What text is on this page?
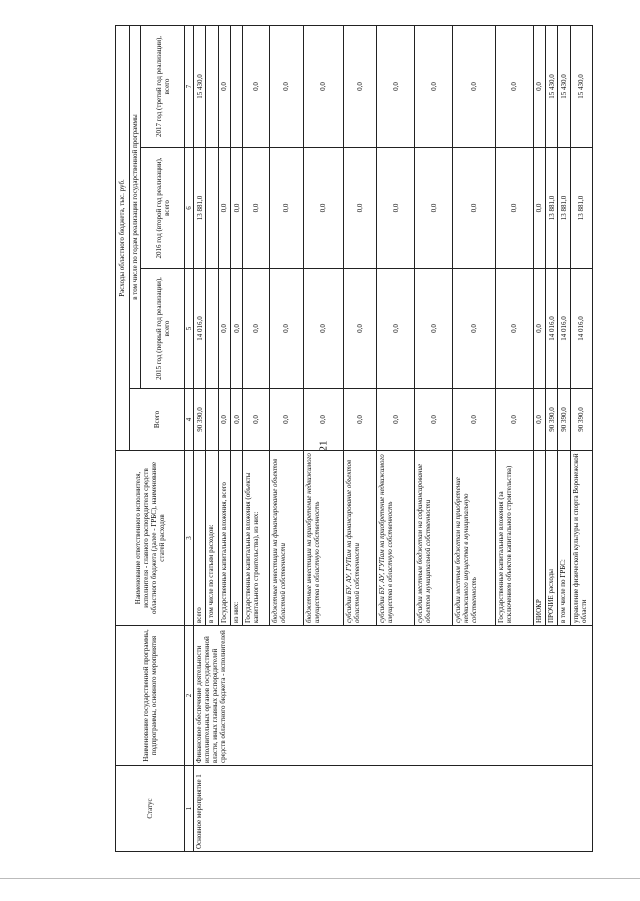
21
Статус	Наименование государственной программы, подпрограммы, основного мероприятия	Наименование ответственного исполнителя, исполнителя - главного распорядителя средств областного бюджета (далее - ГРБС), наименование статей расходов	Расходы областного бюджета, тыс. руб.			
			Всего	в том числе по годам реализации государственной программы		
				2015 год (первый год реализации), всего	2016 год (второй год реализации), всего	2017 год (третий год реализации), всего
1	2	3	4	5	6	7
Основное мероприятие 1	Финансовое обеспечение деятельности исполнительных органов государственной власти, иных главных распорядителей средств областного бюджета - исполнителей	всего	90 390,0	14 016,0	13 881,0	15 430,0
		в том числе по статьям расходов:				
		Государственные капитальные вложения, всего	0,0	0,0	0,0	0,0
		из них:	0,0	0,0	0,0	
		Государственные капитальные вложения (объекты капитального строительства), из них:	0,0	0,0	0,0	0,0
		бюджетные инвестиции на финансирование объектов областной собственности	0,0	0,0	0,0	0,0
		бюджетные инвестиции на приобретение недвижимого имущества в областную собственность	0,0	0,0	0,0	0,0
		субсидии БУ, АУ, ГУПам на финансирование объектов областной собственности	0,0	0,0	0,0	0,0
		субсидии БУ, АУ, ГУПам на приобретение недвижимого имущества в областную собственность	0,0	0,0	0,0	0,0
		субсидии местным бюджетам на софинансирование объектов муниципальной собственности	0,0	0,0	0,0	0,0
		субсидии местным бюджетам на приобретение недвижимого имущества в муниципальную собственность	0,0	0,0	0,0	0,0
		Государственные капитальные вложения (за исключением объектов капитального строительства)	0,0	0,0	0,0	0,0
		НИОКР	0,0	0,0	0,0	0,0
		ПРОЧИЕ расходы	90 390,0	14 016,0	13 881,0	15 430,0
		в том числе по ГРБС:	90 390,0	14 016,0	13 881,0	15 430,0
		управление физической культуры и спорта Воронежской области	90 390,0	14 016,0	13 881,0	15 430,0
